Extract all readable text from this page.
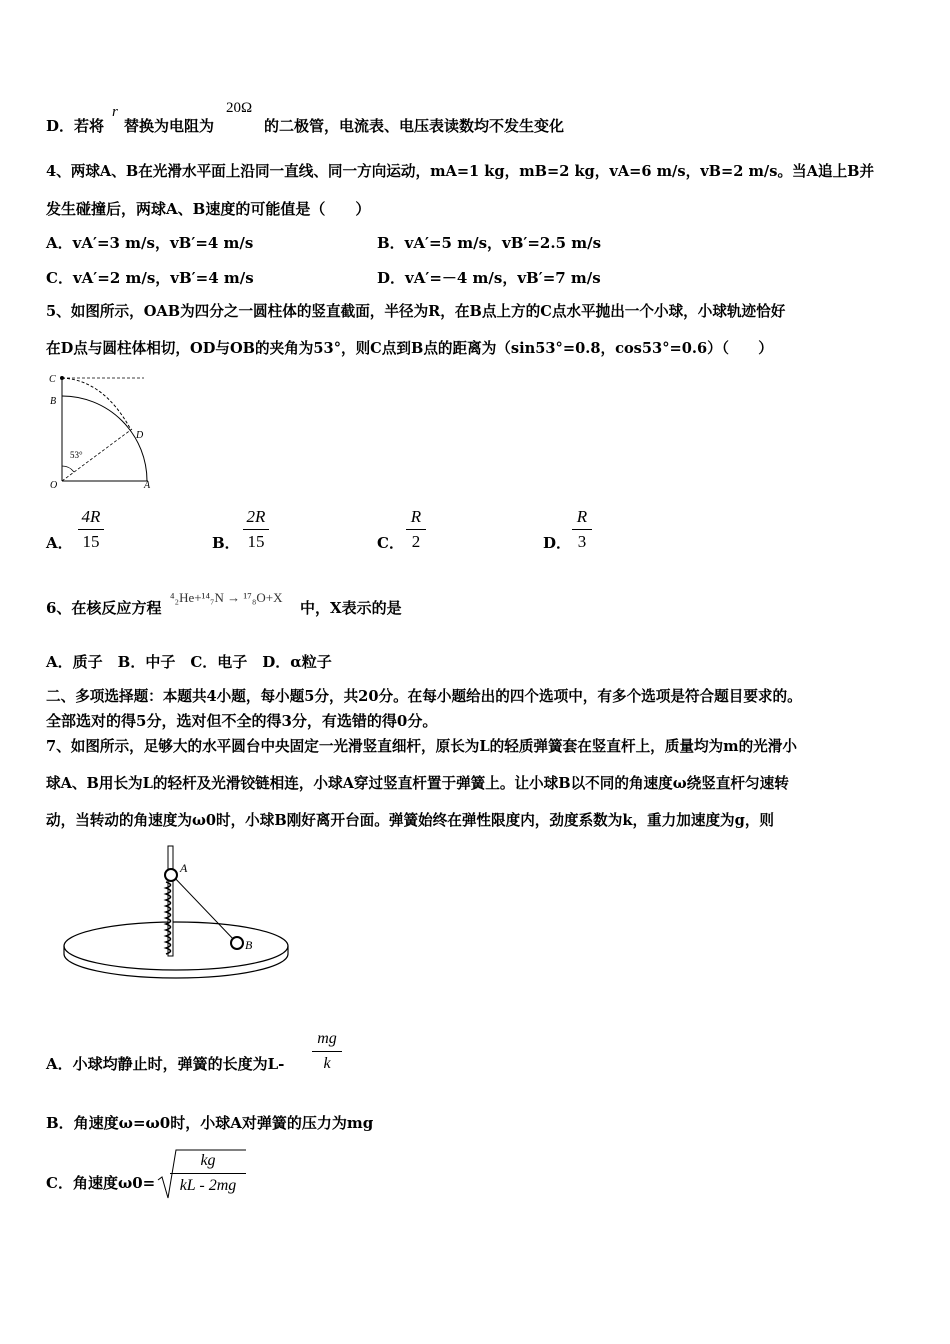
D．若将
r
替换为电阻为
20Ω
的二极管，电流表、电压表读数均不发生变化
4、两球A、B在光滑水平面上沿同一直线、同一方向运动，mA=1 kg，mB=2 kg，vA=6 m/s，vB=2 m/s。当A追上B并
发生碰撞后，两球A、B速度的可能值是（　　）
A．vA′=3 m/s，vB′=4 m/s	B．vA′=5 m/s，vB′=2.5 m/s
C．vA′=2 m/s，vB′=4 m/s	D．vA′=－4 m/s，vB′=7 m/s
5、如图所示，OAB为四分之一圆柱体的竖直截面，半径为R，在B点上方的C点水平抛出一个小球，小球轨迹恰好
在D点与圆柱体相切，OD与OB的夹角为53°，则C点到B点的距离为（sin53°=0.8，cos53°=0.6）（　　）
C
B
D
O	A
53°
A．
4R
15	B．
2R
15	C．
R
2	D．
R
3
6、在核反应方程
⁴₂He+¹⁴₇N → ¹⁷₈O+X
中，X表示的是
A．质子　B．中子　C．电子　D．α粒子
二、多项选择题：本题共4小题，每小题5分，共20分。在每小题给出的四个选项中，有多个选项是符合题目要求的。
全部选对的得5分，选对但不全的得3分，有选错的得0分。
7、如图所示，足够大的水平圆台中央固定一光滑竖直细杆，原长为L的轻质弹簧套在竖直杆上，质量均为m的光滑小
球A、B用长为L的轻杆及光滑铰链相连，小球A穿过竖直杆置于弹簧上。让小球B以不同的角速度ω绕竖直杆匀速转
动，当转动的角速度为ω0时，小球B刚好离开台面。弹簧始终在弹性限度内，劲度系数为k，重力加速度为g，则
A
B
A．小球均静止时，弹簧的长度为L-
mg
k
B．角速度ω=ω0时，小球A对弹簧的压力为mg
C．角速度ω0=
kg
kL - 2mg
